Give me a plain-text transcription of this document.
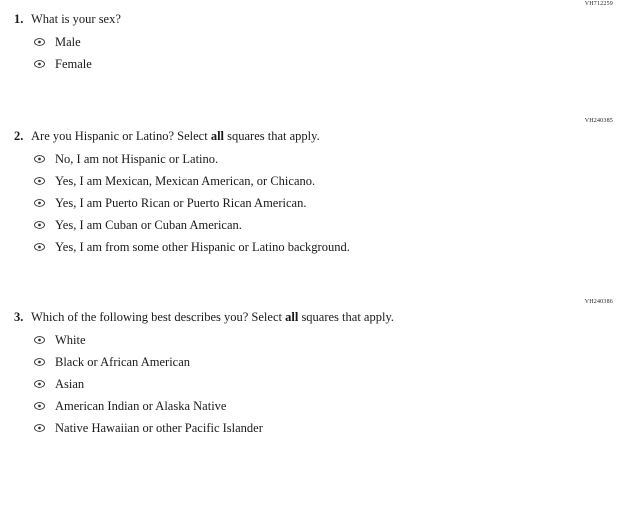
VH712259
1. What is your sex?
Male
Female
VH240385
2. Are you Hispanic or Latino? Select all squares that apply.
No, I am not Hispanic or Latino.
Yes, I am Mexican, Mexican American, or Chicano.
Yes, I am Puerto Rican or Puerto Rican American.
Yes, I am Cuban or Cuban American.
Yes, I am from some other Hispanic or Latino background.
VH240386
3. Which of the following best describes you? Select all squares that apply.
White
Black or African American
Asian
American Indian or Alaska Native
Native Hawaiian or other Pacific Islander
